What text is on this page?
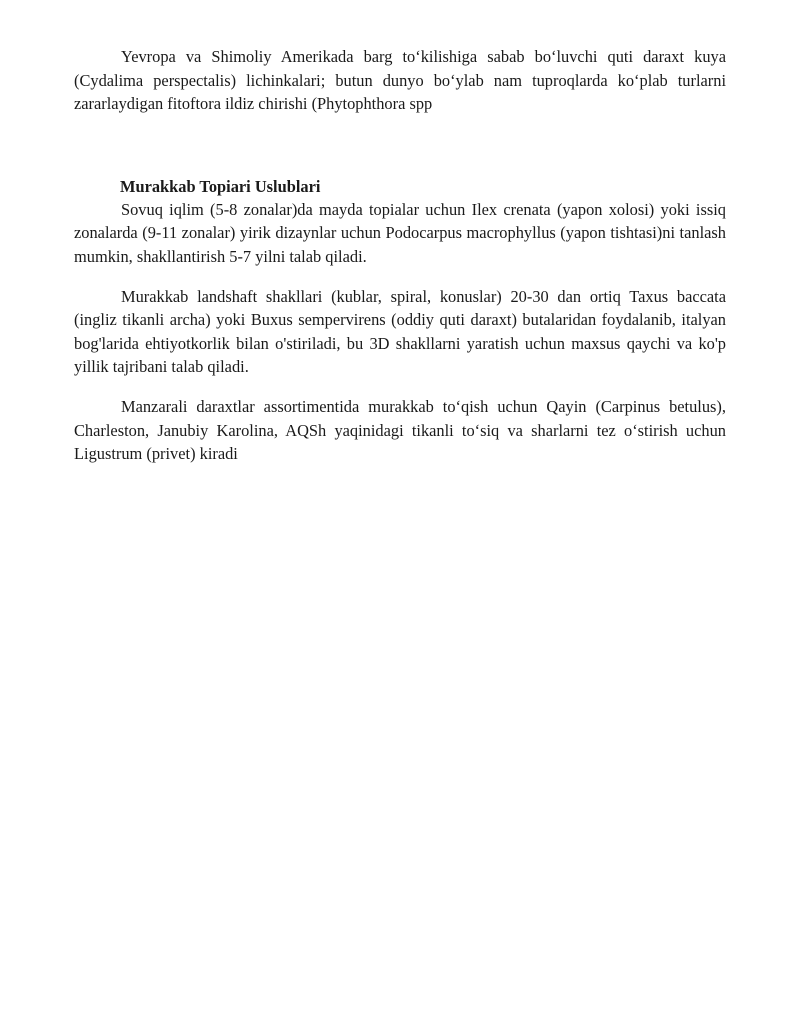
Yevropa va Shimoliy Amerikada barg to‘kilishiga sabab bo‘luvchi quti daraxt kuya (Cydalima perspectalis) lichinkalari; butun dunyo bo‘ylab nam tuproqlarda ko‘plab turlarni zararlaydigan fitoftora ildiz chirishi (Phytophthora spp

Murakkab Topiari Uslublari

Sovuq iqlim (5-8 zonalar)da mayda topialar uchun Ilex crenata (yapon xolosi) yoki issiq zonalarda (9-11 zonalar) yirik dizaynlar uchun Podocarpus macrophyllus (yapon tishtasi)ni tanlash mumkin, shakllantirish 5-7 yilni talab qiladi.

Murakkab landshaft shakllari (kublar, spiral, konuslar) 20-30 dan ortiq Taxus baccata (ingliz tikanli archa) yoki Buxus sempervirens (oddiy quti daraxt) butalaridan foydalanib, italyan bog'larida ehtiyotkorlik bilan o'stiriladi, bu 3D shakllarni yaratish uchun maxsus qaychi va ko'p yillik tajribani talab qiladi.

Manzarali daraxtlar assortimentida murakkab to‘qish uchun Qayin (Carpinus betulus), Charleston, Janubiy Karolina, AQSh yaqinidagi tikanli to‘siq va sharlarni tez o‘stirish uchun Ligustrum (privet) kiradi
